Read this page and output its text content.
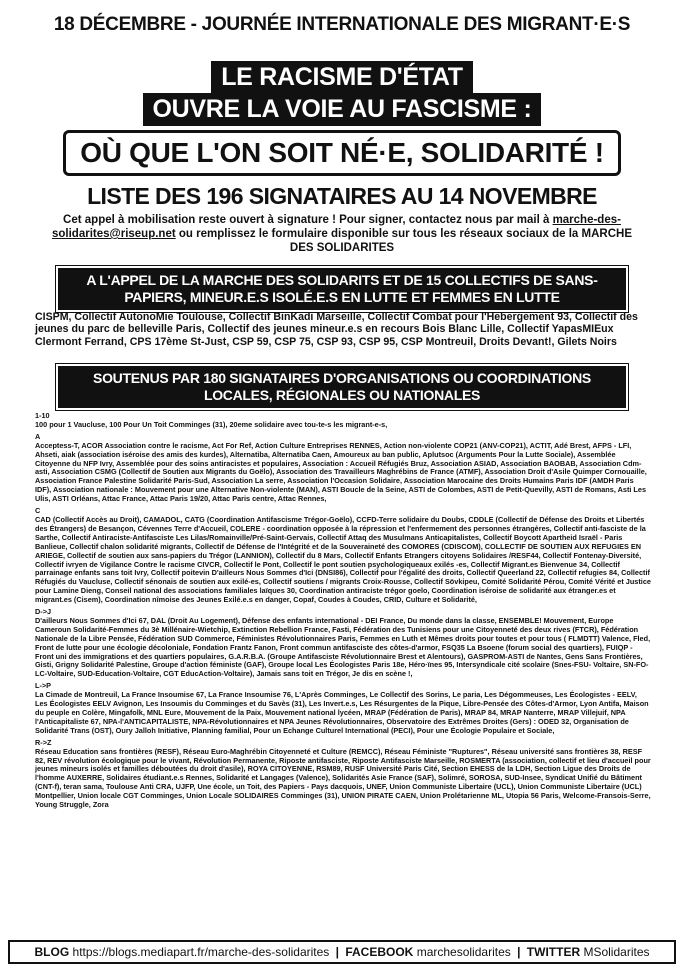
18 DÉCEMBRE - JOURNÉE INTERNATIONALE DES MIGRANT·E·S
LE RACISME D'ÉTAT
OUVRE LA VOIE AU FASCISME :
OÙ QUE L'ON SOIT NÉ·E, SOLIDARITÉ !
LISTE DES 196 SIGNATAIRES AU 14 NOVEMBRE
Cet appel à mobilisation reste ouvert à signature ! Pour signer, contactez nous par mail à marche-des-solidarites@riseup.net ou remplissez le formulaire disponible sur tous les réseaux sociaux de la MARCHE DES SOLIDARITES
A L'APPEL DE LA MARCHE DES SOLIDARITS ET DE 15 COLLECTIFS DE SANS-PAPIERS, MINEUR.E.S ISOLÉ.E.S EN LUTTE ET FEMMES EN LUTTE
CISPM, Collectif AutonoMie Toulouse, Collectif BinKadi Marseille, Collectif Combat pour l'Hebergement 93, Collectif des jeunes du parc de belleville Paris, Collectif des jeunes mineur.e.s en recours Bois Blanc Lille, Collectif YapasMIEux Clermont Ferrand, CPS 17ème St-Just, CSP 59, CSP 75, CSP 93, CSP 95, CSP Montreuil, Droits Devant!, Gilets Noirs
SOUTENUS PAR 180 SIGNATAIRES D'ORGANISATIONS OU COORDINATIONS LOCALES, RÉGIONALES OU NATIONALES
1-10
100 pour 1 Vaucluse, 100 Pour Un Toit Comminges (31), 20eme solidaire avec tou-te-s les migrant-e-s,
A
Acceptess-T, ACOR Association contre le racisme, Act For Ref, Action Culture Entreprises RENNES, Action non-violente COP21 (ANV-COP21), ACTIT, Adé Brest, AFPS - LFI, Ahseti, aiak (association iséroise des amis des kurdes), Alternatiba, Alternatiba Caen, Amoureux au ban public, Aplutsoc (Arguments Pour la Lutte Sociale), Assemblée Citoyenne du NFP Ivry, Assemblée pour des soins antiracistes et populaires, Association : Accueil Réfugiés Bruz, Association ASIAD, Association BAOBAB, Association Cdm-asti, Association CSMG (Collectif de Soutien aux Migrants du Goëlo), Association des Travailleurs Maghrébins de France (ATMF), Association Droit d'Asile Quimper Cornouaille, Association France Palestine Solidarité Paris-Sud, Association La serre, Association l'Occasion Solidaire, Association Marocaine des Droits Humains Paris IDF (AMDH Paris IDF), Association nationale : Mouvement pour une Alternative Non-violente (MAN), ASTI Boucle de la Seine, ASTI de Colombes, ASTI de Petit-Quevilly, ASTI de Romans, Asti Les Ulis, ASTI Orléans, Attac France, Attac Paris 19/20, Attac Paris centre, Attac Rennes,
C
CAD (Collectif Accès au Droit), CAMADOL, CATG (Coordination Antifascisme Trégor-Goëlo), CCFD-Terre solidaire du Doubs, CDDLE (Collectif de Défense des Droits et Libertés des Étrangers) de Besançon, Cévennes Terre d'Accueil, COLERE - coordination opposée à la répression et l'enfermement des personnes étrangères, Collectif anti-fasciste de la Sarthe, Collectif Antiraciste-Antifasciste Les Lilas/Romainville/Pré-Saint-Gervais, Collectif Attaq des Musulmans Anticapitalistes, Collectif Boycott Apartheid Israël - Paris Banlieue, Collectif chalon solidarité migrants, Collectif de Défense de l'Intégrité et de la Souveraineté des COMORES (CDISCOM), COLLECTIF DE SOUTIEN AUX REFUGIES EN ARIEGE, Collectif de soutien aux sans-papiers du Trégor (LANNION), Collectif du 8 Mars, Collectif Enfants Etrangers citoyens Solidaires /RESF44, Collectif Fontenay-Diversité, Collectif ivryen de Vigilance Contre le racisme CIVCR, Collectif le Pont, Collectif le pont soutien psychologiqueaux exilés -es, Collectif Migrant.es Bienvenue 34, Collectif parrainage enfants sans toit Ivry, Collectif poitevin D'ailleurs Nous Sommes d'Ici (DNSI86), Collectif pour l'égalité des droits, Collectif Queerland 22, Collectif refugies 84, Collectif Réfugiés du Vaucluse, Collectif sénonais de soutien aux exilé-es, Collectif soutiens / migrants Croix-Rousse, Collectif Sövkipeu, Comité Solidarité Pérou, Comité Vérité et Justice pour Lamine Dieng, Conseil national des associations familiales laïques 30, Coordination antiraciste trégor goelo, Coordination iséroise de solidarité aux étranger.es et migrant.es (Cisem), Coordination nîmoise des Jeunes Exilé.e.s en danger, Copaf, Coudes à Coudes, CRID, Culture et Solidarité,
D->J
D'ailleurs Nous Sommes d'Ici 67, DAL (Droit Au Logement), Défense des enfants international - DEI France, Du monde dans la classe, ENSEMBLE! Mouvement, Europe Cameroun Solidarité-Femmes du 3è Millénaire-Wietchip, Extinction Rebellion France, Fasti, Fédération des Tunisiens pour une Citoyenneté des deux rives (FTCR), Fédération Nationale de la Libre Pensée, Fédération SUD Commerce, Féministes Révolutionnaires Paris, Femmes en Luth et Mêmes droits pour toutes et pour tous ( FLMDTT) Valence, Fled, Front de lutte pour une écologie décoloniale, Fondation Frantz Fanon, Front commun antifasciste des côtes-d'armor, FSQ35 La Bsoene (forum social des quartiers), FUIQP - Front uni des immigrations et des quartiers populaires, G.A.R.B.A. (Groupe Antifasciste Révolutionnaire Brest et Alentours), GASPROM-ASTI de Nantes, Gens Sans Frontières, Gisti, Grigny Solidarité Palestine, Groupe d'action féministe (GAF), Groupe local Les Écologistes Paris 18e, Héro·ïnes 95, Intersyndicale cité scolaire (Snes-FSU- Voltaire, SN-FO-LC-Voltaire, SUD-Education-Voltaire, CGT EducAction-Voltaire), Jamais sans toit en Trégor, Je dis en scène !,
L->P
La Cimade de Montreuil, La France Insoumise 67, La France Insoumise 76, L'Après Comminges, Le Collectif des Sorins, Le paria, Les Dégommeuses, Les Écologistes - EELV, Les Écologistes EELV Avignon, Les Insoumis du Comminges et du Savès (31), Les Invert.e.s, Les Résurgentes de la Pique, Libre-Pensée des Côtes-d'Armor, Lyon Antifa, Maison du peuple en Colère, Mingafolk, MNL Eure, Mouvement de la Paix, Mouvement national lycéen, MRAP (Fédération de Paris), MRAP 84, MRAP Nanterre, MRAP Villejuif, NPA l'Anticapitaliste 67, NPA-l'ANTICAPITALISTE, NPA-Révolutionnaires et NPA Jeunes Révolutionnaires, Observatoire des Extrêmes Droites (Gers) : ODED 32, Organisation de Solidarité Trans (OST), Oury Jalloh Initiative, Planning familial, Pour un Echange Culturel International (PECI), Pour une Écologie Populaire et Sociale,
R->Z
Réseau Education sans frontières (RESF), Réseau Euro-Maghrébin Citoyenneté et Culture (REMCC), Réseau Féministe "Ruptures", Réseau université sans frontières 38, RESF 82, REV révolution écologique pour le vivant, Révolution Permanente, Riposte antifasciste, Riposte Antifasciste Marseille, ROSMERTA (association, collectif et lieu d'accueil pour jeunes mineurs isolés et familles déboutées du droit d'asile), ROYA CITOYENNE, RSM89, RUSF Université Paris Cité, Section EHESS de la LDH, Section Ligue des Droits de l'homme AUXERRE, Solidaires étudiant.e.s Rennes, Solidarité et Langages (Valence), Solidarités Asie France (SAF), Solimré, SOROSA, SUD-Insee, Syndicat Unifié du Bâtiment (CNT-f), teran sama, Toulouse Anti CRA, UJFP, Une école, un Toit, des Papiers - Pays dacquois, UNEF, Union Communiste Libertaire (UCL), Union Communiste Libertaire (UCL) Montpellier, Union locale CGT Comminges, Union Locale SOLIDAIRES Comminges (31), UNION PIRATE CAEN, Union Prolétarienne ML, Utopia 56 Paris, Welcome-Fransois-Serre, Young Struggle, Zora
BLOG https://blogs.mediapart.fr/marche-des-solidarites | FACEBOOK marchesolidarites | TWITTER MSolidarites
